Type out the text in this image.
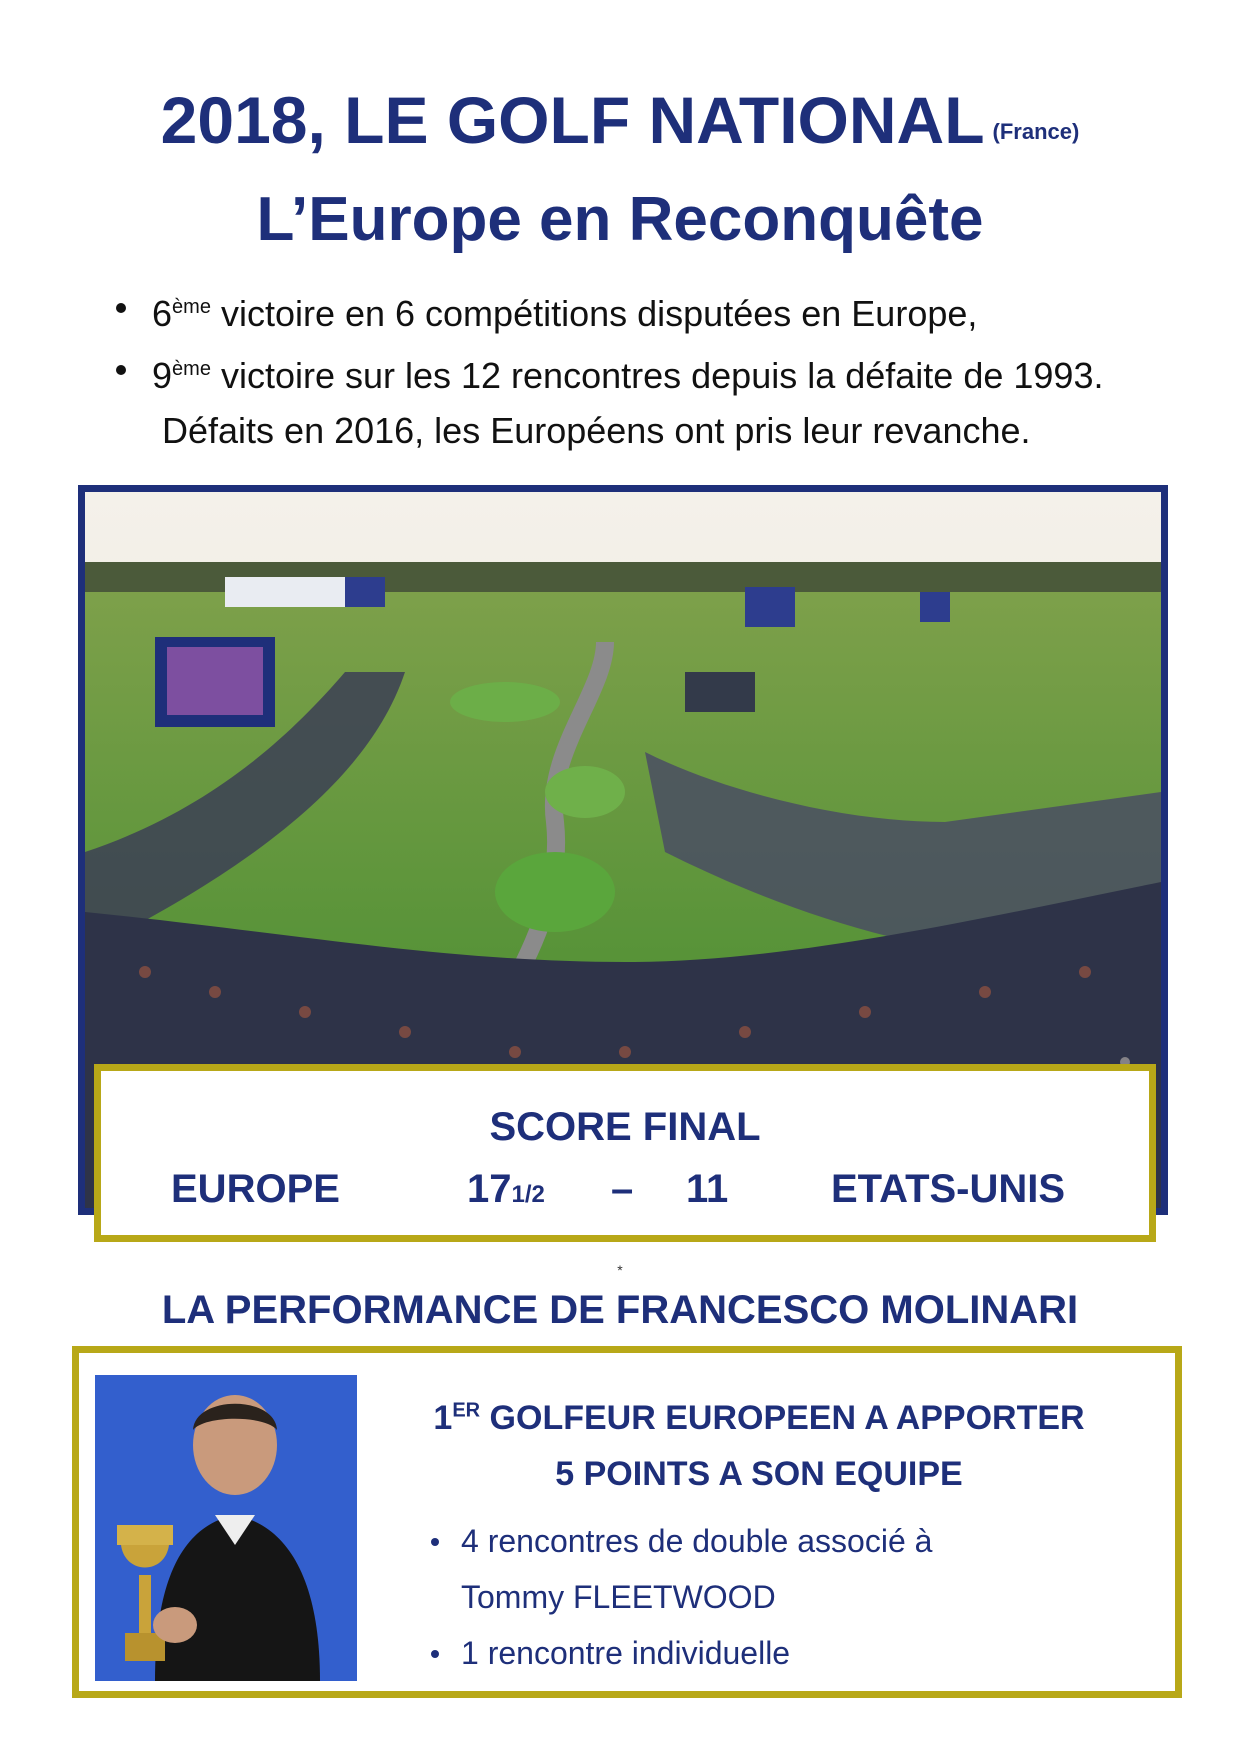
2018, LE GOLF NATIONAL (France)
L’Europe en Reconquête
6ème victoire en 6 compétitions disputées en Europe,
9ème victoire sur les 12 rencontres depuis la défaite de 1993.
Défaits en 2016, les Européens ont pris leur revanche.
SCORE FINAL
EUROPE	171/2 – 11	ETATS-UNIS
*
LA PERFORMANCE DE FRANCESCO MOLINARI
1ER GOLFEUR EUROPEEN A APPORTER
5 POINTS A SON EQUIPE
4 rencontres de double associé à
Tommy FLEETWOOD
1 rencontre individuelle
